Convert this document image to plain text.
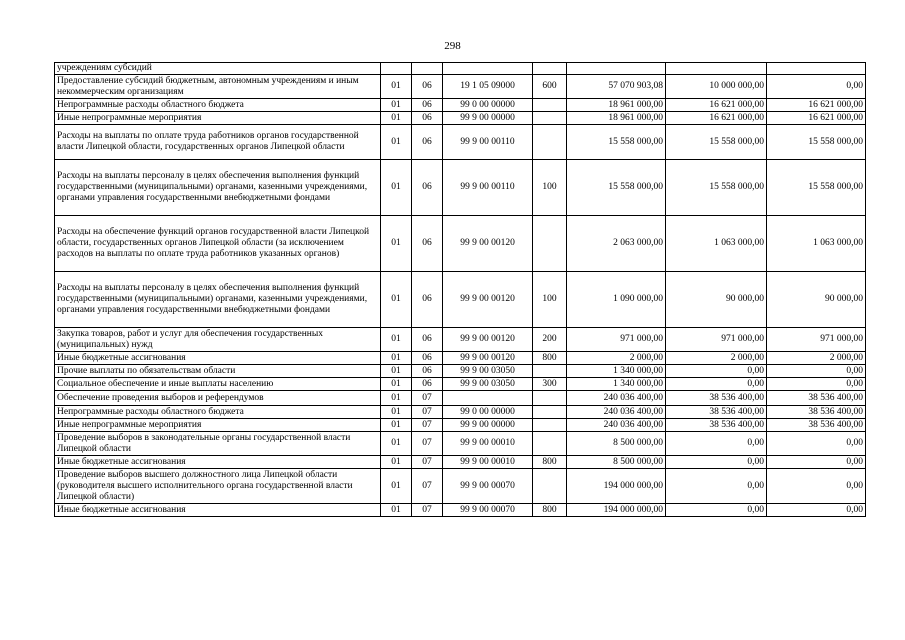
298
учреждениям субсидий							
Предоставление субсидий бюджетным, автономным учреждениям и иным некоммерческим организациям	01	06	19 1 05 09000	600	57 070 903,08	10 000 000,00	0,00
Непрограммные расходы областного бюджета	01	06	99 0 00 00000		18 961 000,00	16 621 000,00	16 621 000,00
Иные непрограммные мероприятия	01	06	99 9 00 00000		18 961 000,00	16 621 000,00	16 621 000,00
Расходы на выплаты по оплате труда работников органов государственной власти Липецкой области, государственных органов Липецкой области	01	06	99 9 00 00110		15 558 000,00	15 558 000,00	15 558 000,00
Расходы на выплаты персоналу в целях обеспечения выполнения функций государственными (муниципальными) органами, казенными учреждениями, органами управления государственными внебюджетными фондами	01	06	99 9 00 00110	100	15 558 000,00	15 558 000,00	15 558 000,00
Расходы на обеспечение функций органов государственной власти Липецкой области, государственных органов Липецкой области (за исключением расходов на выплаты по оплате труда работников указанных органов)	01	06	99 9 00 00120		2 063 000,00	1 063 000,00	1 063 000,00
Расходы на выплаты персоналу в целях обеспечения выполнения функций государственными (муниципальными) органами, казенными учреждениями, органами управления государственными внебюджетными фондами	01	06	99 9 00 00120	100	1 090 000,00	90 000,00	90 000,00
Закупка товаров, работ и услуг для обеспечения государственных (муниципальных) нужд	01	06	99 9 00 00120	200	971 000,00	971 000,00	971 000,00
Иные бюджетные ассигнования	01	06	99 9 00 00120	800	2 000,00	2 000,00	2 000,00
Прочие выплаты по обязательствам области	01	06	99 9 00 03050		1 340 000,00	0,00	0,00
Социальное обеспечение и иные выплаты населению	01	06	99 9 00 03050	300	1 340 000,00	0,00	0,00
Обеспечение проведения выборов и референдумов	01	07			240 036 400,00	38 536 400,00	38 536 400,00
Непрограммные расходы областного бюджета	01	07	99 0 00 00000		240 036 400,00	38 536 400,00	38 536 400,00
Иные непрограммные мероприятия	01	07	99 9 00 00000		240 036 400,00	38 536 400,00	38 536 400,00
Проведение выборов в законодательные органы государственной власти Липецкой области	01	07	99 9 00 00010		8 500 000,00	0,00	0,00
Иные бюджетные ассигнования	01	07	99 9 00 00010	800	8 500 000,00	0,00	0,00
Проведение выборов высшего должностного лица Липецкой области (руководителя высшего исполнительного органа государственной власти Липецкой области)	01	07	99 9 00 00070		194 000 000,00	0,00	0,00
Иные бюджетные ассигнования	01	07	99 9 00 00070	800	194 000 000,00	0,00	0,00
